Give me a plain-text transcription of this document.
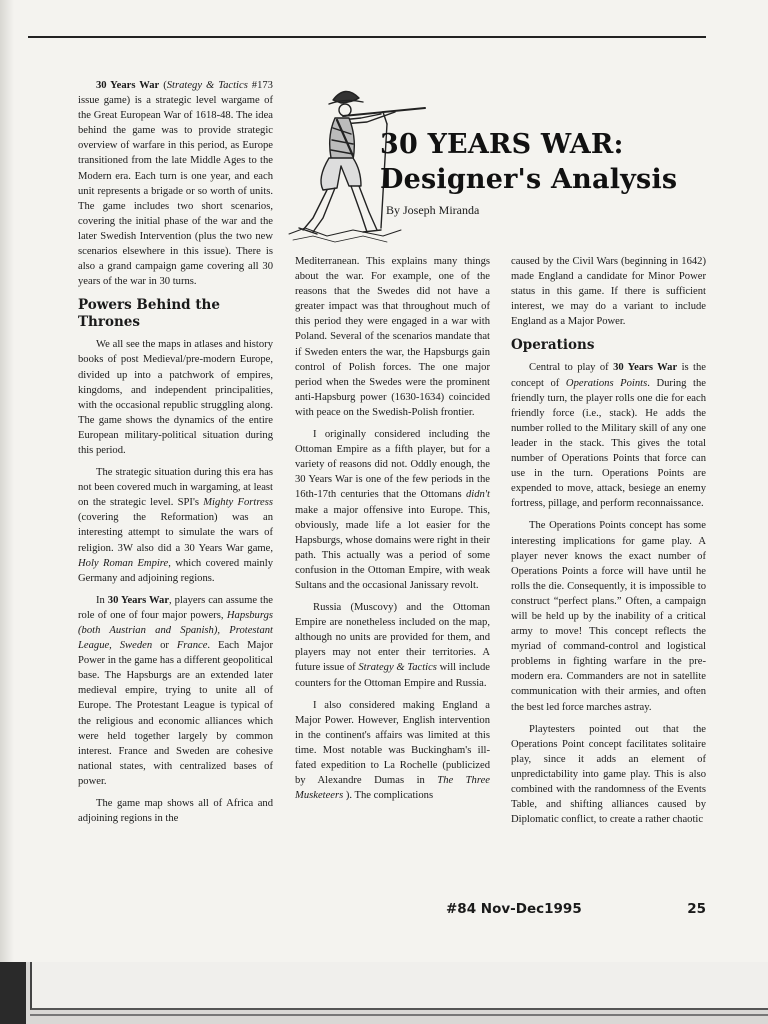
30 YEARS WAR:
Designer's Analysis
By Joseph Miranda

30 Years War (Strategy & Tactics #173 issue game) is a strategic level wargame of the Great European War of 1618-48. The idea behind the game was to provide strategic overview of warfare in this period, as Europe transitioned from the late Middle Ages to the Modern era. Each turn is one year, and each unit represents a brigade or so worth of units. The game includes two short scenarios, covering the initial phase of the war and the later Swedish Intervention (plus the two new scenarios elsewhere in this issue). There is also a grand campaign game covering all 30 years of the war in 30 turns.

Powers Behind the Thrones

We all see the maps in atlases and history books of post Medieval/pre-modern Europe, divided up into a patchwork of empires, kingdoms, and independent principalities, with the occasional republic struggling along. The game shows the dynamics of the entire European military-political situation during this period.

The strategic situation during this era has not been covered much in wargaming, at least on the strategic level. SPI's Mighty Fortress (covering the Reformation) was an interesting attempt to simulate the wars of religion. 3W also did a 30 Years War game, Holy Roman Empire, which covered mainly Germany and adjoining regions.

In 30 Years War, players can assume the role of one of four major powers, Hapsburgs (both Austrian and Spanish), Protestant League, Sweden or France. Each Major Power in the game has a different geopolitical base. The Hapsburgs are an extended later medieval empire, trying to unite all of Europe. The Protestant League is typical of the religious and economic alliances which were held together largely by common interest. France and Sweden are cohesive national states, with centralized bases of power.

The game map shows all of Africa and adjoining regions in the

Mediterranean. This explains many things about the war. For example, one of the reasons that the Swedes did not have a greater impact was that throughout much of this period they were engaged in a war with Poland. Several of the scenarios mandate that if Sweden enters the war, the Hapsburgs gain control of Polish forces. The one major period when the Swedes were the prominent anti-Hapsburg power (1630-1634) coincided with peace on the Swedish-Polish frontier.

I originally considered including the Ottoman Empire as a fifth player, but for a variety of reasons did not. Oddly enough, the 30 Years War is one of the few periods in the 16th-17th centuries that the Ottomans didn't make a major offensive into Europe. This, obviously, made life a lot easier for the Hapsburgs, whose domains were right in their path. This actually was a period of some confusion in the Ottoman Empire, with weak Sultans and the occasional Janissary revolt.

Russia (Muscovy) and the Ottoman Empire are nonetheless included on the map, although no units are provided for them, and players may not enter their territories. A future issue of Strategy & Tactics will include counters for the Ottoman Empire and Russia.

I also considered making England a Major Power. However, English intervention in the continent's affairs was limited at this time. Most notable was Buckingham's ill-fated expedition to La Rochelle (publicized by Alexandre Dumas in The Three Musketeers ). The complications

caused by the Civil Wars (beginning in 1642) made England a candidate for Minor Power status in this game. If there is sufficient interest, we may do a variant to include England as a Major Power.

Operations

Central to play of 30 Years War is the concept of Operations Points. During the friendly turn, the player rolls one die for each friendly force (i.e., stack). He adds the number rolled to the Military skill of any one leader in the stack. This gives the total number of Operations Points that force can use in the turn. Operations Points are expended to move, attack, besiege an enemy fortress, pillage, and perform reconnaissance.

The Operations Points concept has some interesting implications for game play. A player never knows the exact number of Operations Points a force will have until he rolls the die. Consequently, it is impossible to construct “perfect plans.” Often, a campaign will be held up by the inability of a critical army to move! This concept reflects the myriad of command-control and logistical problems in fighting warfare in the pre-modern era. Commanders are not in satellite communication with their armies, and often the best led force marches astray.

Playtesters pointed out that the Operations Point concept facilitates solitaire play, since it adds an element of unpredictability into game play. This is also combined with the randomness of the Events Table, and shifting alliances caused by Diplomatic conflict, to create a rather chaotic

#84 Nov-Dec1995	25
